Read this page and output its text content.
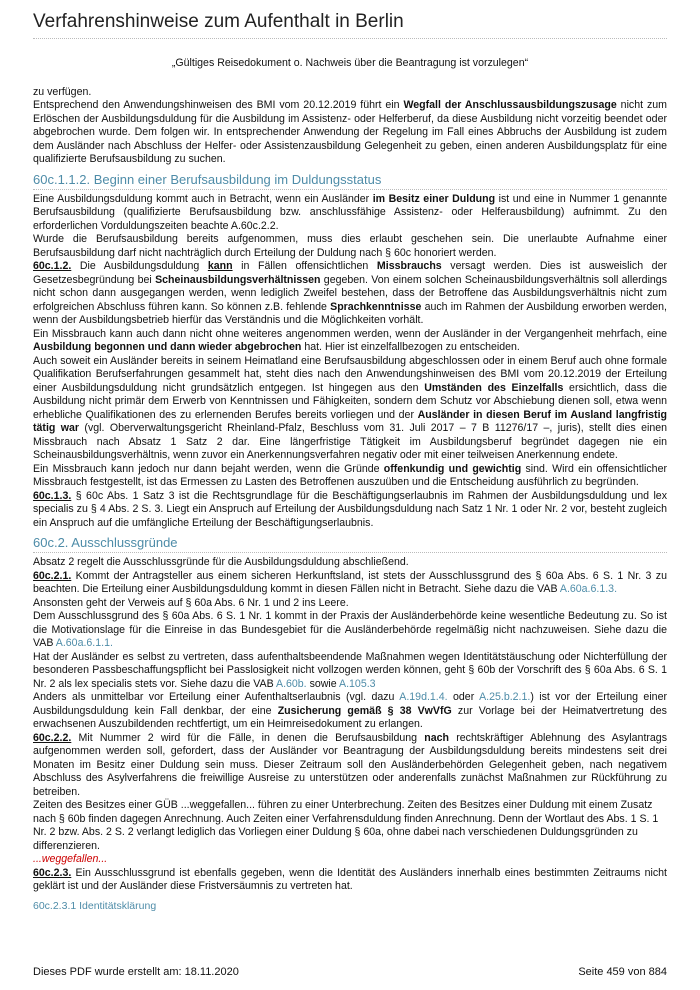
Verfahrenshinweise zum Aufenthalt in Berlin

„Gültiges Reisedokument o. Nachweis über die Beantragung ist vorzulegen“

zu verfügen.

Entsprechend den Anwendungshinweisen des BMI vom 20.12.2019 führt ein Wegfall der Anschlussausbildungszusage nicht zum Erlöschen der Ausbildungsduldung für die Ausbildung im Assistenz- oder Helferberuf, da diese Ausbildung nicht vorzeitig beendet oder abgebrochen wurde. Dem folgen wir. In entsprechender Anwendung der Regelung im Fall eines Abbruchs der Ausbildung ist zudem dem Ausländer nach Abschluss der Helfer- oder Assistenzausbildung Gelegenheit zu geben, einen anderen Ausbildungsplatz für eine qualifizierte Berufsausbildung zu suchen.

60c.1.1.2. Beginn einer Berufsausbildung im Duldungsstatus

Eine Ausbildungsduldung kommt auch in Betracht, wenn ein Ausländer im Besitz einer Duldung ist und eine in Nummer 1 genannte Berufsausbildung (qualifizierte Berufsausbildung bzw. anschlussfähige Assistenz- oder Helferausbildung) aufnimmt. Zu den erforderlichen Vorduldungszeiten beachte A.60c.2.2.

Wurde die Berufsausbildung bereits aufgenommen, muss dies erlaubt geschehen sein. Die unerlaubte Aufnahme einer Berufsausbildung darf nicht nachträglich durch Erteilung der Duldung nach § 60c honoriert werden.

60c.1.2. Die Ausbildungsduldung kann in Fällen offensichtlichen Missbrauchs versagt werden. Dies ist ausweislich der Gesetzesbegründung bei Scheinausbildungsverhältnissen gegeben. Von einem solchen Scheinausbildungsverhältnis soll allerdings nicht schon dann ausgegangen werden, wenn lediglich Zweifel bestehen, dass der Betroffene das Ausbildungsverhältnis nicht zum erfolgreichen Abschluss führen kann. So können z.B. fehlende Sprachkenntnisse auch im Rahmen der Ausbildung erworben werden, wenn der Ausbildungsbetrieb hierfür das Verständnis und die Möglichkeiten vorhält.

Ein Missbrauch kann auch dann nicht ohne weiteres angenommen werden, wenn der Ausländer in der Vergangenheit mehrfach, eine Ausbildung begonnen und dann wieder abgebrochen hat. Hier ist einzelfallbezogen zu entscheiden.

Auch soweit ein Ausländer bereits in seinem Heimatland eine Berufsausbildung abgeschlossen oder in einem Beruf auch ohne formale Qualifikation Berufserfahrungen gesammelt hat, steht dies nach den Anwendungshinweisen des BMI vom 20.12.2019 der Erteilung einer Ausbildungsduldung nicht grundsätzlich entgegen. Ist hingegen aus den Umständen des Einzelfalls ersichtlich, dass die Ausbildung nicht primär dem Erwerb von Kenntnissen und Fähigkeiten, sondern dem Schutz vor Abschiebung dienen soll, etwa wenn erhebliche Qualifikationen des zu erlernenden Berufes bereits vorliegen und der Ausländer in diesen Beruf im Ausland langfristig tätig war (vgl. Oberverwaltungsgericht Rheinland-Pfalz, Beschluss vom 31. Juli 2017 – 7 B 11276/17 –, juris), stellt dies einen Missbrauch nach Absatz 1 Satz 2 dar. Eine längerfristige Tätigkeit im Ausbildungsberuf begründet dagegen nie ein Scheinausbildungsverhältnis, wenn zuvor ein Anerkennungsverfahren negativ oder mit einer teilweisen Anerkennung endete.

Ein Missbrauch kann jedoch nur dann bejaht werden, wenn die Gründe offenkundig und gewichtig sind. Wird ein offensichtlicher Missbrauch festgestellt, ist das Ermessen zu Lasten des Betroffenen auszuüben und die Entscheidung ausführlich zu begründen.

60c.1.3. § 60c Abs. 1 Satz 3 ist die Rechtsgrundlage für die Beschäftigungserlaubnis im Rahmen der Ausbildungsduldung und lex specialis zu § 4 Abs. 2 S. 3. Liegt ein Anspruch auf Erteilung der Ausbildungsduldung nach Satz 1 Nr. 1 oder Nr. 2 vor, besteht zugleich ein Anspruch auf die umfängliche Erteilung der Beschäftigungserlaubnis.

60c.2. Ausschlussgründe

Absatz 2 regelt die Ausschlussgründe für die Ausbildungsduldung abschließend.

60c.2.1. Kommt der Antragsteller aus einem sicheren Herkunftsland, ist stets der Ausschlussgrund des § 60a Abs. 6 S. 1 Nr. 3 zu beachten. Die Erteilung einer Ausbildungsduldung kommt in diesen Fällen nicht in Betracht. Siehe dazu die VAB A.60a.6.1.3.

Ansonsten geht der Verweis auf § 60a Abs. 6 Nr. 1 und 2 ins Leere.

Dem Ausschlussgrund des § 60a Abs. 6 S. 1 Nr. 1 kommt in der Praxis der Ausländerbehörde keine wesentliche Bedeutung zu. So ist die Motivationslage für die Einreise in das Bundesgebiet für die Ausländerbehörde regelmäßig nicht nachzuweisen. Siehe dazu die VAB A.60a.6.1.1.

Hat der Ausländer es selbst zu vertreten, dass aufenthaltsbeendende Maßnahmen wegen Identitätstäuschung oder Nichterfüllung der besonderen Passbeschaffungspflicht bei Passlosigkeit nicht vollzogen werden können, geht § 60b der Vorschrift des § 60a Abs. 6 S. 1 Nr. 2 als lex specialis stets vor. Siehe dazu die VAB A.60b. sowie A.105.3

Anders als unmittelbar vor Erteilung einer Aufenthaltserlaubnis (vgl. dazu A.19d.1.4. oder A.25.b.2.1.) ist vor der Erteilung einer Ausbildungsduldung kein Fall denkbar, der eine Zusicherung gemäß § 38 VwVfG zur Vorlage bei der Heimatvertretung des erwachsenen Auszubildenden rechtfertigt, um ein Heimreisedokument zu erlangen.

60c.2.2. Mit Nummer 2 wird für die Fälle, in denen die Berufsausbildung nach rechtskräftiger Ablehnung des Asylantrags aufgenommen werden soll, gefordert, dass der Ausländer vor Beantragung der Ausbildungsduldung bereits mindestens seit drei Monaten im Besitz einer Duldung sein muss. Dieser Zeitraum soll den Ausländerbehörden Gelegenheit geben, nach negativem Abschluss des Asylverfahrens die freiwillige Ausreise zu unterstützen oder anderenfalls zunächst Maßnahmen zur Rückführung zu betreiben.

Zeiten des Besitzes einer GÜB ...weggefallen... führen zu einer Unterbrechung. Zeiten des Besitzes einer Duldung mit einem Zusatz nach § 60b finden dagegen Anrechnung. Auch Zeiten einer Verfahrensduldung finden Anrechnung. Denn der Wortlaut des Abs. 1 S. 1 Nr. 2 bzw. Abs. 2 S. 2 verlangt lediglich das Vorliegen einer Duldung § 60a, ohne dabei nach verschiedenen Duldungsgründen zu differenzieren.

...weggefallen...

60c.2.3. Ein Ausschlussgrund ist ebenfalls gegeben, wenn die Identität des Ausländers innerhalb eines bestimmten Zeitraums nicht geklärt ist und der Ausländer diese Fristversäumnis zu vertreten hat.

60c.2.3.1 Identitätsklärung
Dieses PDF wurde erstellt am: 18.11.2020	Seite 459 von 884
